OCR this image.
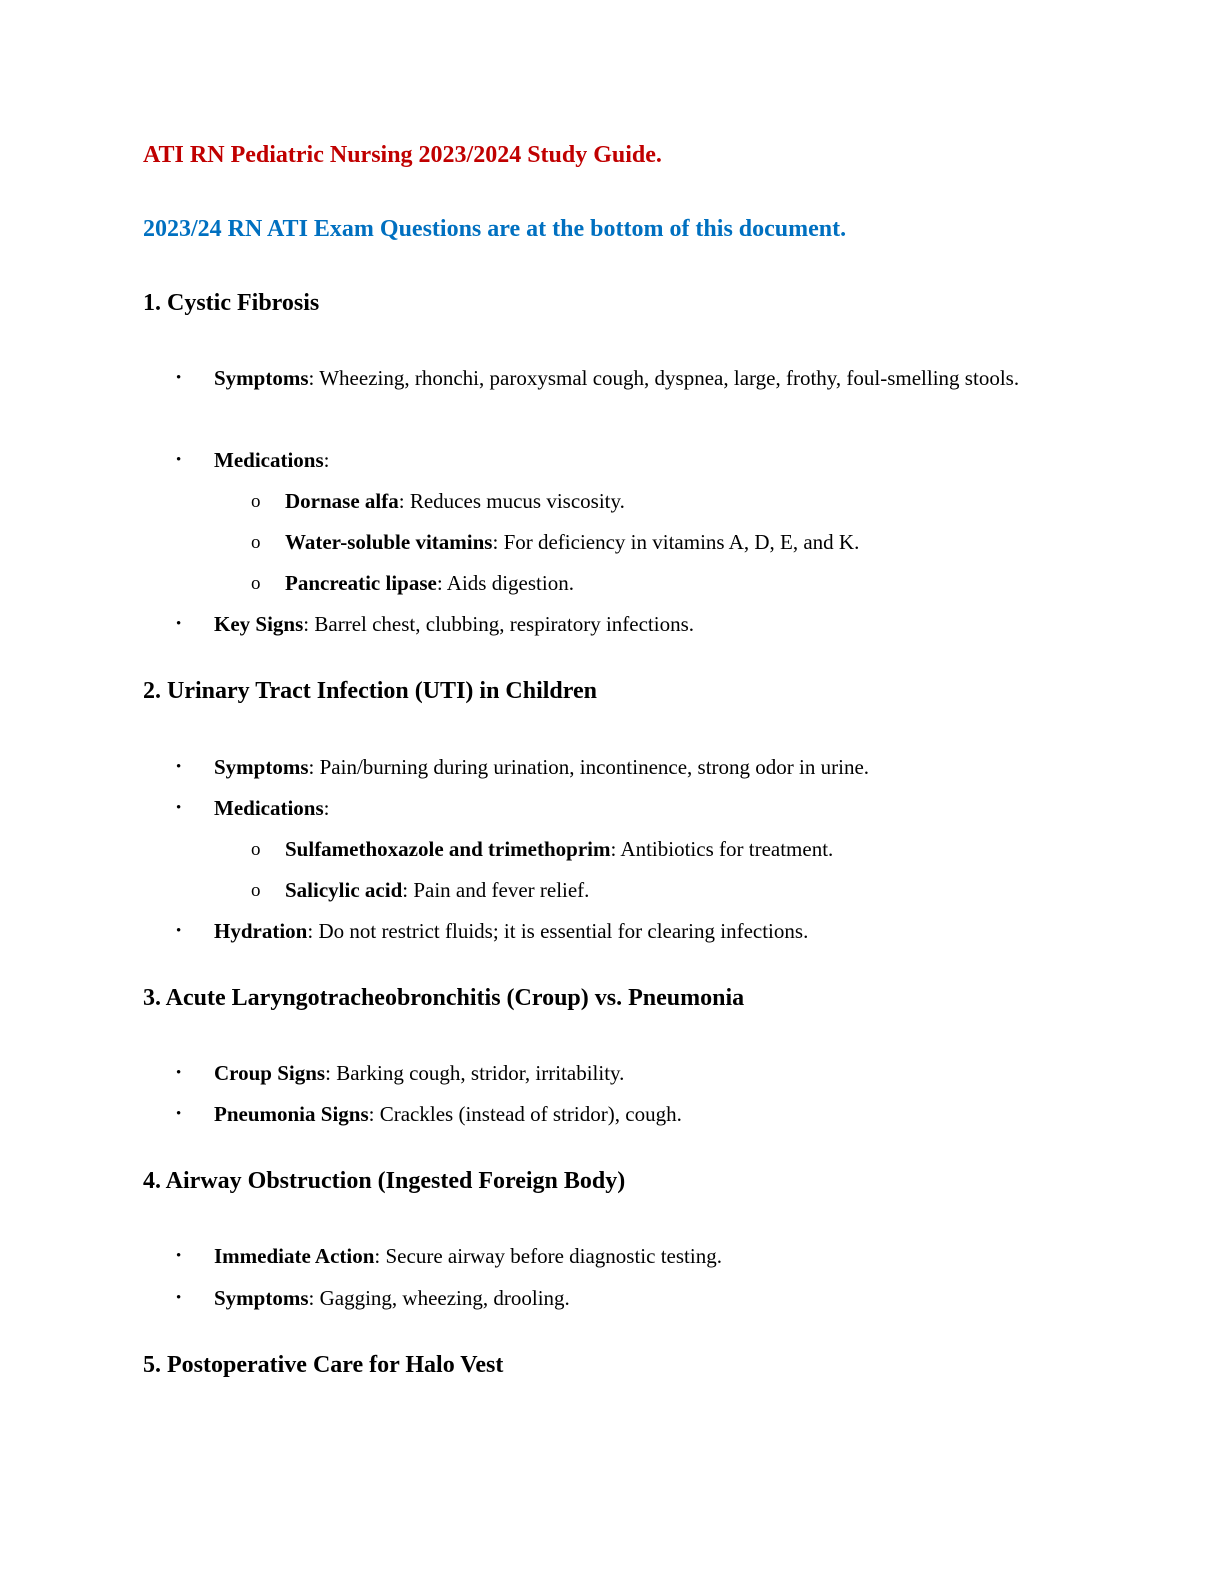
ATI RN Pediatric Nursing 2023/2024 Study Guide.
2023/24 RN ATI Exam Questions are at the bottom of this document.
1. Cystic Fibrosis
• Symptoms: Wheezing, rhonchi, paroxysmal cough, dyspnea, large, frothy, foul-smelling stools.
• Medications:
o Dornase alfa: Reduces mucus viscosity.
o Water-soluble vitamins: For deficiency in vitamins A, D, E, and K.
o Pancreatic lipase: Aids digestion.
• Key Signs: Barrel chest, clubbing, respiratory infections.
2. Urinary Tract Infection (UTI) in Children
• Symptoms: Pain/burning during urination, incontinence, strong odor in urine.
• Medications:
o Sulfamethoxazole and trimethoprim: Antibiotics for treatment.
o Salicylic acid: Pain and fever relief.
• Hydration: Do not restrict fluids; it is essential for clearing infections.
3. Acute Laryngotracheobronchitis (Croup) vs. Pneumonia
• Croup Signs: Barking cough, stridor, irritability.
• Pneumonia Signs: Crackles (instead of stridor), cough.
4. Airway Obstruction (Ingested Foreign Body)
• Immediate Action: Secure airway before diagnostic testing.
• Symptoms: Gagging, wheezing, drooling.
5. Postoperative Care for Halo Vest
